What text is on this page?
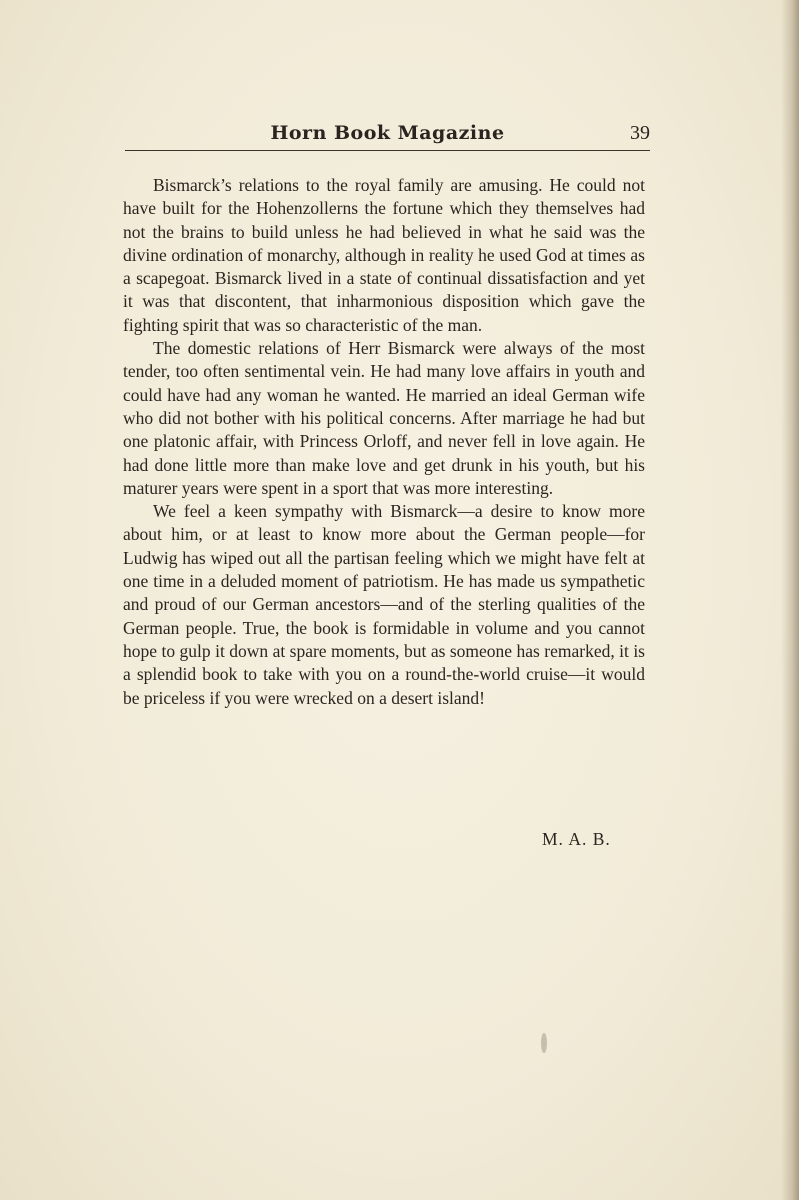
Horn Book Magazine	39

Bismarck’s relations to the royal family are amusing. He could not have built for the Hohenzollerns the fortune which they themselves had not the brains to build unless he had believed in what he said was the divine ordination of monarchy, although in reality he used God at times as a scapegoat. Bismarck lived in a state of continual dissatisfaction and yet it was that discontent, that inharmonious disposition which gave the fighting spirit that was so characteristic of the man.

The domestic relations of Herr Bismarck were always of the most tender, too often sentimental vein. He had many love affairs in youth and could have had any woman he wanted. He married an ideal German wife who did not bother with his political concerns. After marriage he had but one platonic affair, with Princess Orloff, and never fell in love again. He had done little more than make love and get drunk in his youth, but his maturer years were spent in a sport that was more interesting.

We feel a keen sympathy with Bismarck—a desire to know more about him, or at least to know more about the German people—for Ludwig has wiped out all the partisan feeling which we might have felt at one time in a deluded moment of patriotism. He has made us sympathetic and proud of our German ancestors—and of the sterling qualities of the German people. True, the book is formidable in volume and you cannot hope to gulp it down at spare moments, but as someone has remarked, it is a splendid book to take with you on a round-the-world cruise—it would be priceless if you were wrecked on a desert island!

M. A. B.
